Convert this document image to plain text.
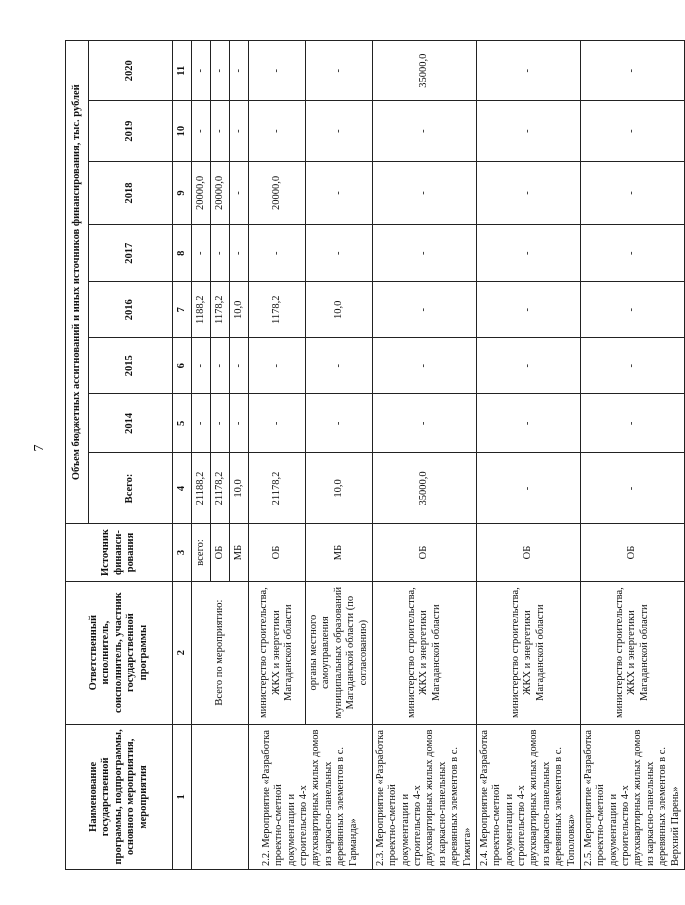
7
Наименование государственной программы, подпрограммы, основного мероприятия, мероприятия	Ответственный исполнитель, соисполнитель, участник государственной программы	Источник финанси-рования	Объем бюджетных ассигнований и иных источников финансирования, тыс. рублей							
			Всего:	2014	2015	2016	2017	2018	2019	2020
1	2	3	4	5	6	7	8	9	10	11
	Всего по мероприятию:	всего:	21188,2	-	-	1188,2	-	20000,0	-	-
		ОБ	21178,2	-	-	1178,2	-	20000,0	-	-
		МБ	10,0	-	-	10,0	-	-	-	-
2.2. Мероприятие «Разработка проектно-сметной документации и строительство 4-х двухквартирных жилых домов из каркасно-панельных деревянных элементов в с. Гарманда»	министерство строительства, ЖКХ и энергетики Магаданской области	ОБ	21178,2	-	-	1178,2	-	20000,0	-	-
	органы местного самоуправления муниципальных образований Магаданской области (по согласованию)	МБ	10,0	-	-	10,0	-	-	-	-
2.3. Мероприятие «Разработка проектно-сметной документации и строительство 4-х двухквартирных жилых домов из каркасно-панельных деревянных элементов в с. Гижига»	министерство строительства, ЖКХ и энергетики Магаданской области	ОБ	35000,0	-	-	-	-	-	-	35000,0
2.4. Мероприятие «Разработка проектно-сметной документации и строительство 4-х двухквартирных жилых домов из каркасно-панельных деревянных элементов в с. Тополовка»	министерство строительства, ЖКХ и энергетики Магаданской области	ОБ	-	-	-	-	-	-	-	-
2.5. Мероприятие «Разработка проектно-сметной документации и строительство 4-х двухквартирных жилых домов из каркасно-панельных деревянных элементов в с. Верхний Парень»	министерство строительства, ЖКХ и энергетики Магаданской области	ОБ	-	-	-	-	-	-	-	-
